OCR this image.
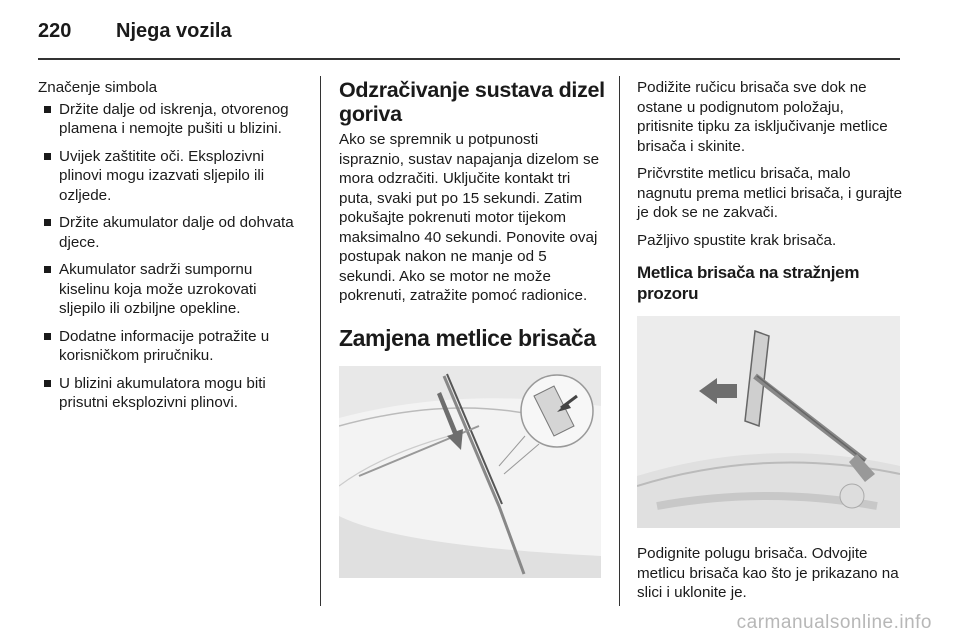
220	Njega vozila
Značenje simbola
Držite dalje od iskrenja, otvorenog plamena i nemojte pušiti u blizini.
Uvijek zaštitite oči. Eksplozivni plinovi mogu izazvati sljepilo ili ozljede.
Držite akumulator dalje od dohvata djece.
Akumulator sadrži sumpornu kiselinu koja može uzrokovati sljepilo ili ozbiljne opekline.
Dodatne informacije potražite u korisničkom priručniku.
U blizini akumulatora mogu biti prisutni eksplozivni plinovi.
Odzračivanje sustava dizel goriva

Ako se spremnik u potpunosti ispraznio, sustav napajanja dizelom se mora odzračiti. Uključite kontakt tri puta, svaki put po 15 sekundi. Zatim pokušajte pokrenuti motor tijekom maksimalno 40 sekundi. Ponovite ovaj postupak nakon ne manje od 5 sekundi. Ako se motor ne može pokrenuti, zatražite pomoć radionice.

Zamjena metlice brisača

Podižite ručicu brisača sve dok ne ostane u podignutom položaju, pritisnite tipku za isključivanje metlice brisača i skinite.

Pričvrstite metlicu brisača, malo nagnutu prema metlici brisača, i gurajte je dok se ne zakvači.

Pažljivo spustite krak brisača.

Metlica brisača na stražnjem prozoru

Podignite polugu brisača. Odvojite metlicu brisača kao što je prikazano na slici i uklonite je.

carmanualsonline.info
